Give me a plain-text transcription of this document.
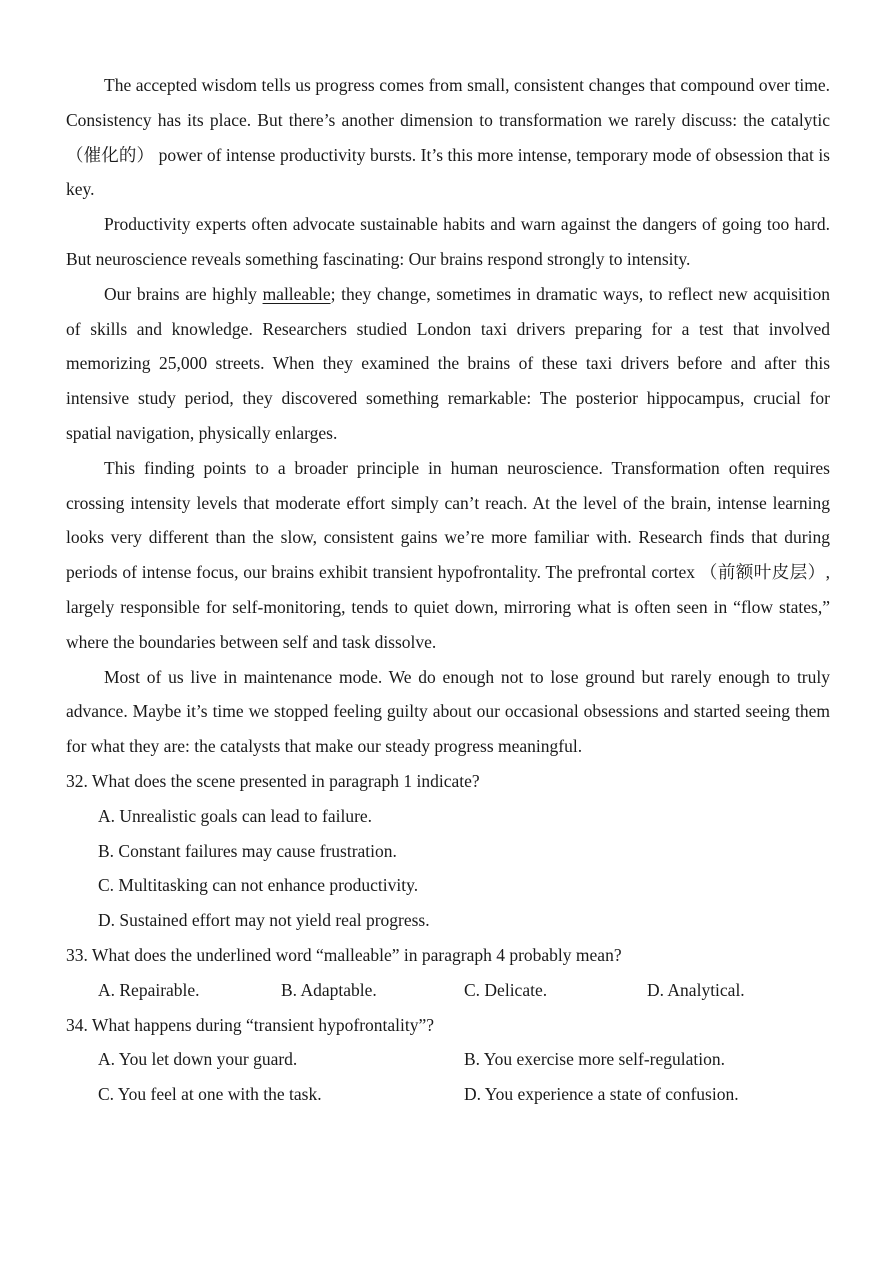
The accepted wisdom tells us progress comes from small, consistent changes that compound over time. Consistency has its place. But there’s another dimension to transformation we rarely discuss: the catalytic （催化的） power of intense productivity bursts. It’s this more intense, temporary mode of obsession that is key.

Productivity experts often advocate sustainable habits and warn against the dangers of going too hard. But neuroscience reveals something fascinating: Our brains respond strongly to intensity.

Our brains are highly malleable; they change, sometimes in dramatic ways, to reflect new acquisition of skills and knowledge. Researchers studied London taxi drivers preparing for a test that involved memorizing 25,000 streets. When they examined the brains of these taxi drivers before and after this intensive study period, they discovered something remarkable: The posterior hippocampus, crucial for spatial navigation, physically enlarges.

This finding points to a broader principle in human neuroscience. Transformation often requires crossing intensity levels that moderate effort simply can’t reach. At the level of the brain, intense learning looks very different than the slow, consistent gains we’re more familiar with. Research finds that during periods of intense focus, our brains exhibit transient hypofrontality. The prefrontal cortex （前额叶皮层）, largely responsible for self-monitoring, tends to quiet down, mirroring what is often seen in “flow states,” where the boundaries between self and task dissolve.

Most of us live in maintenance mode. We do enough not to lose ground but rarely enough to truly advance. Maybe it’s time we stopped feeling guilty about our occasional obsessions and started seeing them for what they are: the catalysts that make our steady progress meaningful.

32. What does the scene presented in paragraph 1 indicate?

A. Unrealistic goals can lead to failure.

B. Constant failures may cause frustration.

C. Multitasking can not enhance productivity.

D. Sustained effort may not yield real progress.

33. What does the underlined word “malleable” in paragraph 4 probably mean?

A. Repairable.	B. Adaptable.	C. Delicate.	D. Analytical.

34. What happens during “transient hypofrontality”?

A. You let down your guard.	B. You exercise more self-regulation.

C. You feel at one with the task.	D. You experience a state of confusion.
